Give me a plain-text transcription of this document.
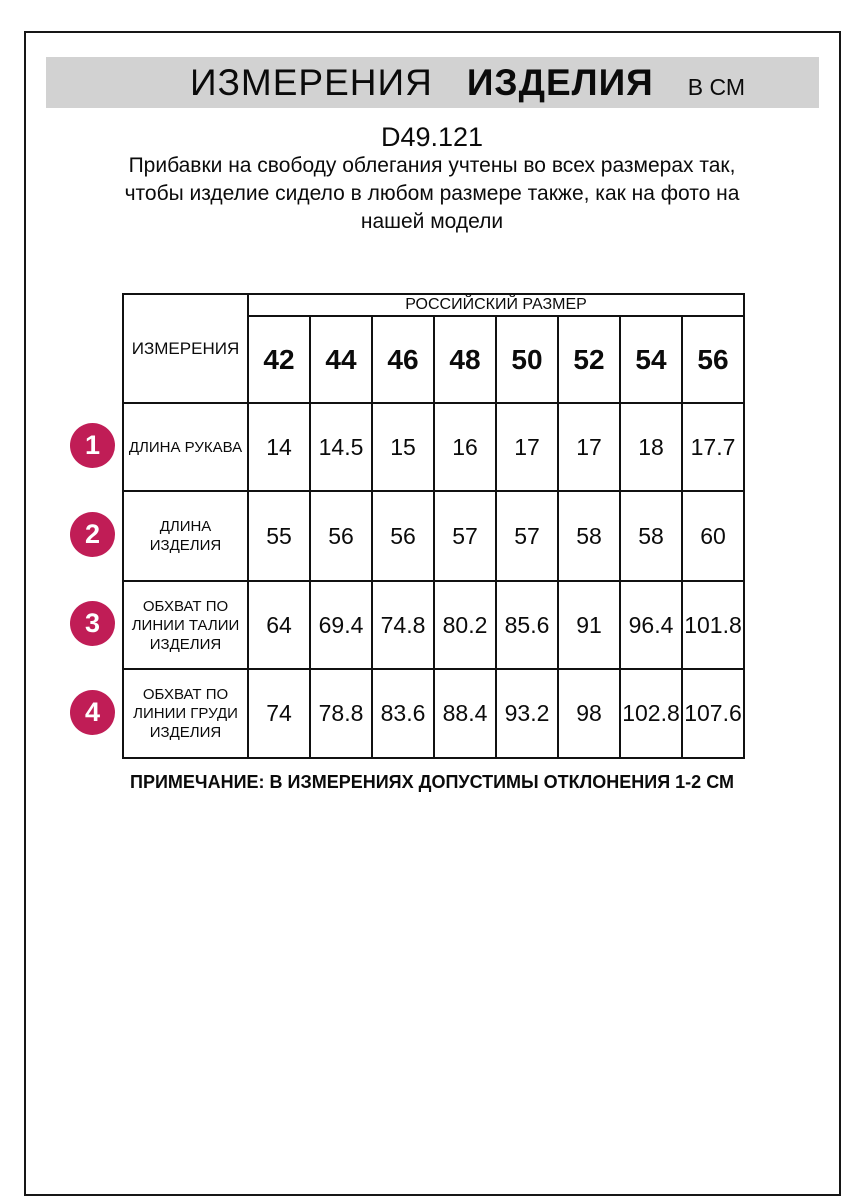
ИЗМЕРЕНИЯ ИЗДЕЛИЯ В СМ
D49.121
Прибавки на свободу облегания учтены во всех размерах так, чтобы изделие сидело в любом размере также, как на фото на нашей модели
1
2
3
4
ИЗМЕРЕНИЯ	РОССИЙСКИЙ РАЗМЕР							
	42	44	46	48	50	52	54	56
ДЛИНА РУКАВА	14	14.5	15	16	17	17	18	17.7
ДЛИНА
ИЗДЕЛИЯ	55	56	56	57	57	58	58	60
ОБХВАТ ПО
ЛИНИИ ТАЛИИ
ИЗДЕЛИЯ	64	69.4	74.8	80.2	85.6	91	96.4	101.8
ОБХВАТ ПО
ЛИНИИ ГРУДИ
ИЗДЕЛИЯ	74	78.8	83.6	88.4	93.2	98	102.8	107.6
ПРИМЕЧАНИЕ: В ИЗМЕРЕНИЯХ ДОПУСТИМЫ ОТКЛОНЕНИЯ 1-2 СМ
